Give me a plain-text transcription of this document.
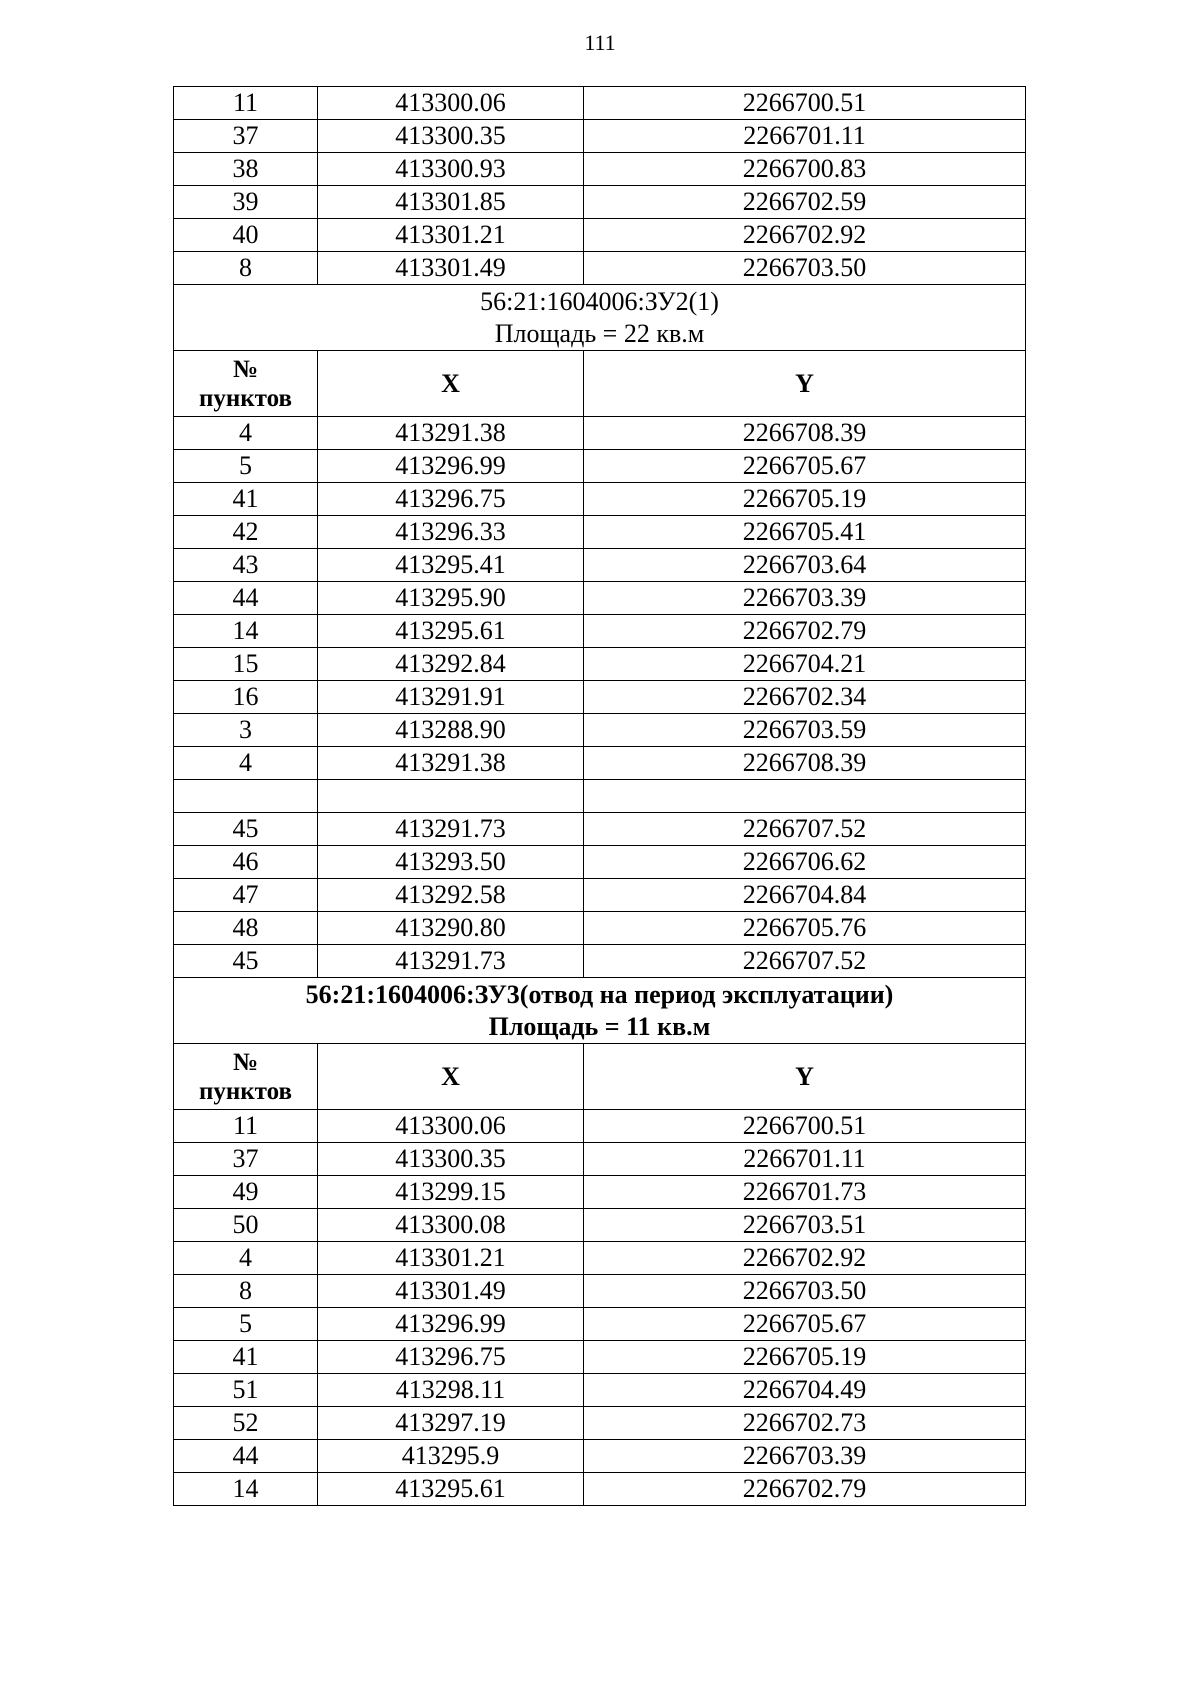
111
11	413300.06	2266700.51
37	413300.35	2266701.11
38	413300.93	2266700.83
39	413301.85	2266702.59
40	413301.21	2266702.92
8	413301.49	2266703.50

56:21:1604006:ЗУ2(1)
Площадь = 22 кв.м		

№
пунктов	X	Y
4	413291.38	2266708.39
5	413296.99	2266705.67
41	413296.75	2266705.19
42	413296.33	2266705.41
43	413295.41	2266703.64
44	413295.90	2266703.39
14	413295.61	2266702.79
15	413292.84	2266704.21
16	413291.91	2266702.34
3	413288.90	2266703.59
4	413291.38	2266708.39

45	413291.73	2266707.52
46	413293.50	2266706.62
47	413292.58	2266704.84
48	413290.80	2266705.76
45	413291.73	2266707.52

56:21:1604006:ЗУ3(отвод на период эксплуатации)
Площадь = 11 кв.м		

№
пунктов	X	Y
11	413300.06	2266700.51
37	413300.35	2266701.11
49	413299.15	2266701.73
50	413300.08	2266703.51
4	413301.21	2266702.92
8	413301.49	2266703.50
5	413296.99	2266705.67
41	413296.75	2266705.19
51	413298.11	2266704.49
52	413297.19	2266702.73
44	413295.9	2266703.39
14	413295.61	2266702.79
